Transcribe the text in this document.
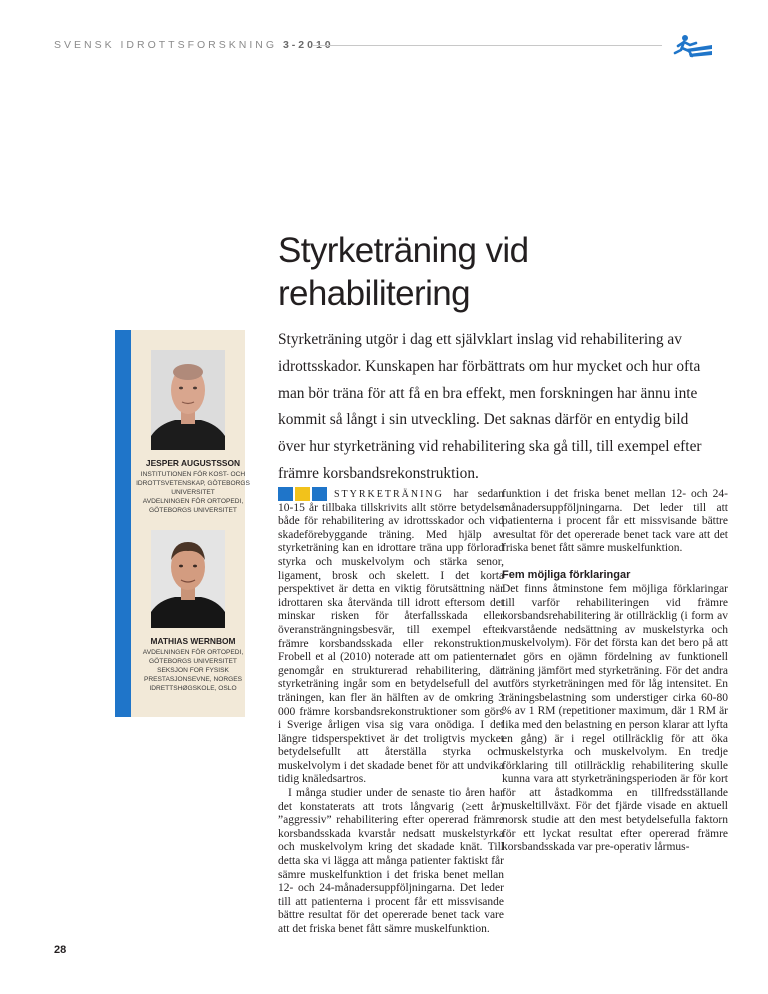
SVENSK IDROTTSFORSKNING 3-2010
Styrketräning vid
rehabilitering

Styrketräning utgör i dag ett självklart inslag vid rehabilitering av idrottsskador. Kunskapen har förbättrats om hur mycket och hur ofta man bör träna för att få en bra effekt, men forskningen har ännu inte kommit så långt i sin utveckling. Det saknas därför en entydig bild över hur styrketräning vid rehabilitering ska gå till, till exempel efter främre korsbandsrekonstruktion.

JESPER AUGUSTSSON
INSTITUTIONEN FÖR KOST- OCH
IDROTTSVETENSKAP, GÖTEBORGS
UNIVERSITET
AVDELNINGEN FÖR ORTOPEDI,
GÖTEBORGS UNIVERSITET
MATHIAS WERNBOM
AVDELNINGEN FÖR ORTOPEDI,
GÖTEBORGS UNIVERSITET
SEKSJON FOR FYSISK
PRESTASJONSEVNE, NORGES
IDRETTSHØGSKOLE, OSLO

STYRKETRÄNING har sedan 10-15 år tillbaka tillskrivits allt större betydelse både för rehabilitering av idrottsskador och vid skadeförebyggande träning. Med hjälp av styrketräning kan en idrottare träna upp förlorad styrka och muskelvolym och stärka senor, ligament, brosk och skelett. I det korta perspektivet är detta en viktig förutsättning när idrottaren ska återvända till idrott eftersom det minskar risken för återfallsskada eller överansträngningsbesvär, till exempel efter främre korsbandsskada eller rekonstruktion. Frobell et al (2010) noterade att om patienterna genomgår en strukturerad rehabilitering, där styrketräning ingår som en betydelsefull del av träningen, kan fler än hälften av de omkring 3 000 främre korsbandsrekonstruktioner som görs i Sverige årligen visa sig vara onödiga. I det längre tidsperspektivet är det troligtvis mycket betydelsefullt att återställa styrka och muskelvolym i det skadade benet för att undvika tidig knäledsartros.

I många studier under de senaste tio åren har det konstaterats att trots långvarig (≥ett år) ”aggressiv” rehabilitering efter opererad främre korsbandsskada kvarstår nedsatt muskelstyrka och muskelvolym kring det skadade knät. Till detta ska vi lägga att många patienter faktiskt får sämre muskelfunktion i det friska benet mellan 12- och 24-månadersuppföljningarna. Det leder till att patienterna i procent får ett missvisande bättre resultat för det opererade benet tack vare att det friska benet fått sämre muskelfunktion.

funktion i det friska benet mellan 12- och 24-månadersuppföljningarna. Det leder till att patienterna i procent får ett missvisande bättre resultat för det opererade benet tack vare att det friska benet fått sämre muskelfunktion.

Fem möjliga förklaringar

Det finns åtminstone fem möjliga förklaringar till varför rehabiliteringen vid främre korsbandsrehabilitering är otillräcklig (i form av kvarstående nedsättning av muskelstyrka och muskelvolym). För det första kan det bero på att det görs en ojämn fördelning av funktionell träning jämfört med styrketräning. För det andra utförs styrketräningen med för låg intensitet. En träningsbelastning som understiger cirka 60-80 % av 1 RM (repetitioner maximum, där 1 RM är lika med den belastning en person klarar att lyfta en gång) är i regel otillräcklig för att öka muskelstyrka och muskelvolym. En tredje förklaring till otillräcklig rehabilitering skulle kunna vara att styrketräningsperioden är för kort för att åstadkomma en tillfredsställande muskeltillväxt. För det fjärde visade en aktuell norsk studie att den mest betydelsefulla faktorn för ett lyckat resultat efter opererad främre korsbandsskada var pre-operativ lårmus-

28
